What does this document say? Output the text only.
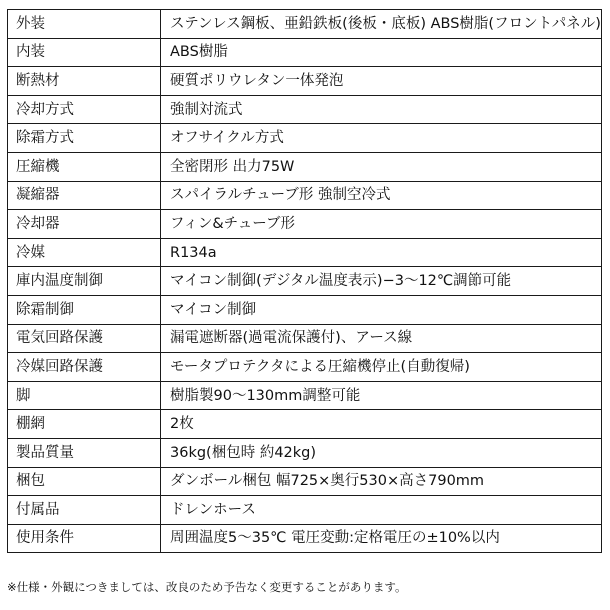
外装	ステンレス鋼板、亜鉛鉄板(後板・底板) ABS樹脂(フロントパネル)
内装	ABS樹脂
断熱材	硬質ポリウレタン一体発泡
冷却方式	強制対流式
除霜方式	オフサイクル方式
圧縮機	全密閉形 出力75W
凝縮器	スパイラルチューブ形 強制空冷式
冷却器	フィン&チューブ形
冷媒	R134a
庫内温度制御	マイコン制御(デジタル温度表示)−3〜12℃調節可能
除霜制御	マイコン制御
電気回路保護	漏電遮断器(過電流保護付)、アース線
冷媒回路保護	モータプロテクタによる圧縮機停止(自動復帰)
脚	樹脂製90〜130mm調整可能
棚網	2枚
製品質量	36kg(梱包時 約42kg)
梱包	ダンボール梱包 幅725×奥行530×高さ790mm
付属品	ドレンホース
使用条件	周囲温度5〜35℃ 電圧変動:定格電圧の±10%以内
※仕様・外観につきましては、改良のため予告なく変更することがあります。
